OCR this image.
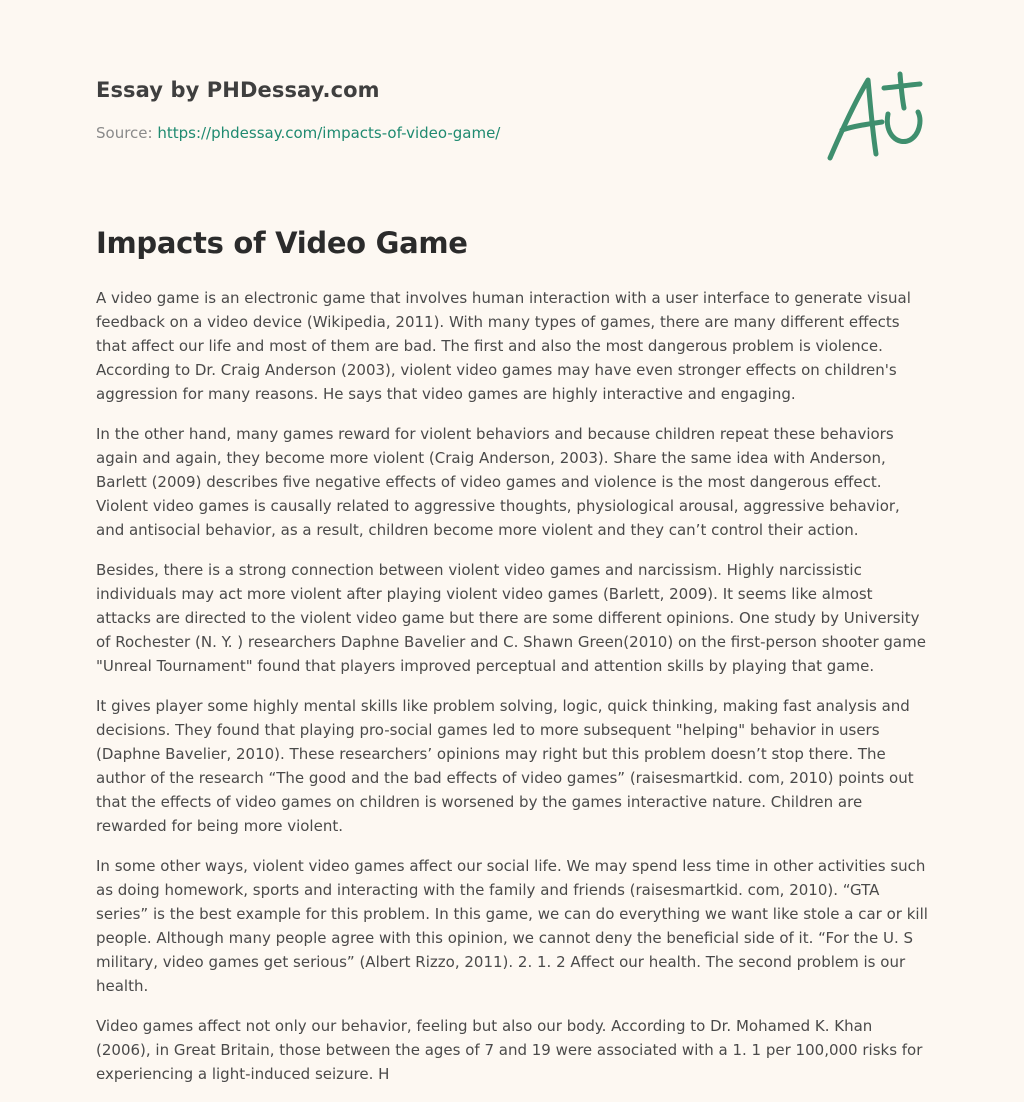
Essay by PHDessay.com
Source: https://phdessay.com/impacts-of-video-game/
Impacts of Video Game

A video game is an electronic game that involves human interaction with a user interface to generate visual feedback on a video device (Wikipedia, 2011). With many types of games, there are many different effects that affect our life and most of them are bad. The first and also the most dangerous problem is violence. According to Dr. Craig Anderson (2003), violent video games may have even stronger effects on children's aggression for many reasons. He says that video games are highly interactive and engaging.

In the other hand, many games reward for violent behaviors and because children repeat these behaviors again and again, they become more violent (Craig Anderson, 2003). Share the same idea with Anderson, Barlett (2009) describes five negative effects of video games and violence is the most dangerous effect. Violent video games is causally related to aggressive thoughts, physiological arousal, aggressive behavior, and antisocial behavior, as a result, children become more violent and they can’t control their action.

Besides, there is a strong connection between violent video games and narcissism. Highly narcissistic individuals may act more violent after playing violent video games (Barlett, 2009). It seems like almost attacks are directed to the violent video game but there are some different opinions. One study by University of Rochester (N. Y. ) researchers Daphne Bavelier and C. Shawn Green(2010) on the first-person shooter game "Unreal Tournament" found that players improved perceptual and attention skills by playing that game.

It gives player some highly mental skills like problem solving, logic, quick thinking, making fast analysis and decisions. They found that playing pro-social games led to more subsequent "helping" behavior in users (Daphne Bavelier, 2010). These researchers’ opinions may right but this problem doesn’t stop there. The author of the research “The good and the bad effects of video games” (raisesmartkid. com, 2010) points out that the effects of video games on children is worsened by the games interactive nature. Children are rewarded for being more violent.

In some other ways, violent video games affect our social life. We may spend less time in other activities such as doing homework, sports and interacting with the family and friends (raisesmartkid. com, 2010). “GTA series” is the best example for this problem. In this game, we can do everything we want like stole a car or kill people. Although many people agree with this opinion, we cannot deny the beneficial side of it. “For the U. S military, video games get serious” (Albert Rizzo, 2011). 2. 1. 2 Affect our health. The second problem is our health.

Video games affect not only our behavior, feeling but also our body. According to Dr. Mohamed K. Khan (2006), in Great Britain, those between the ages of 7 and 19 were associated with a 1. 1 per 100,000 risks for experiencing a light-induced seizure. H
